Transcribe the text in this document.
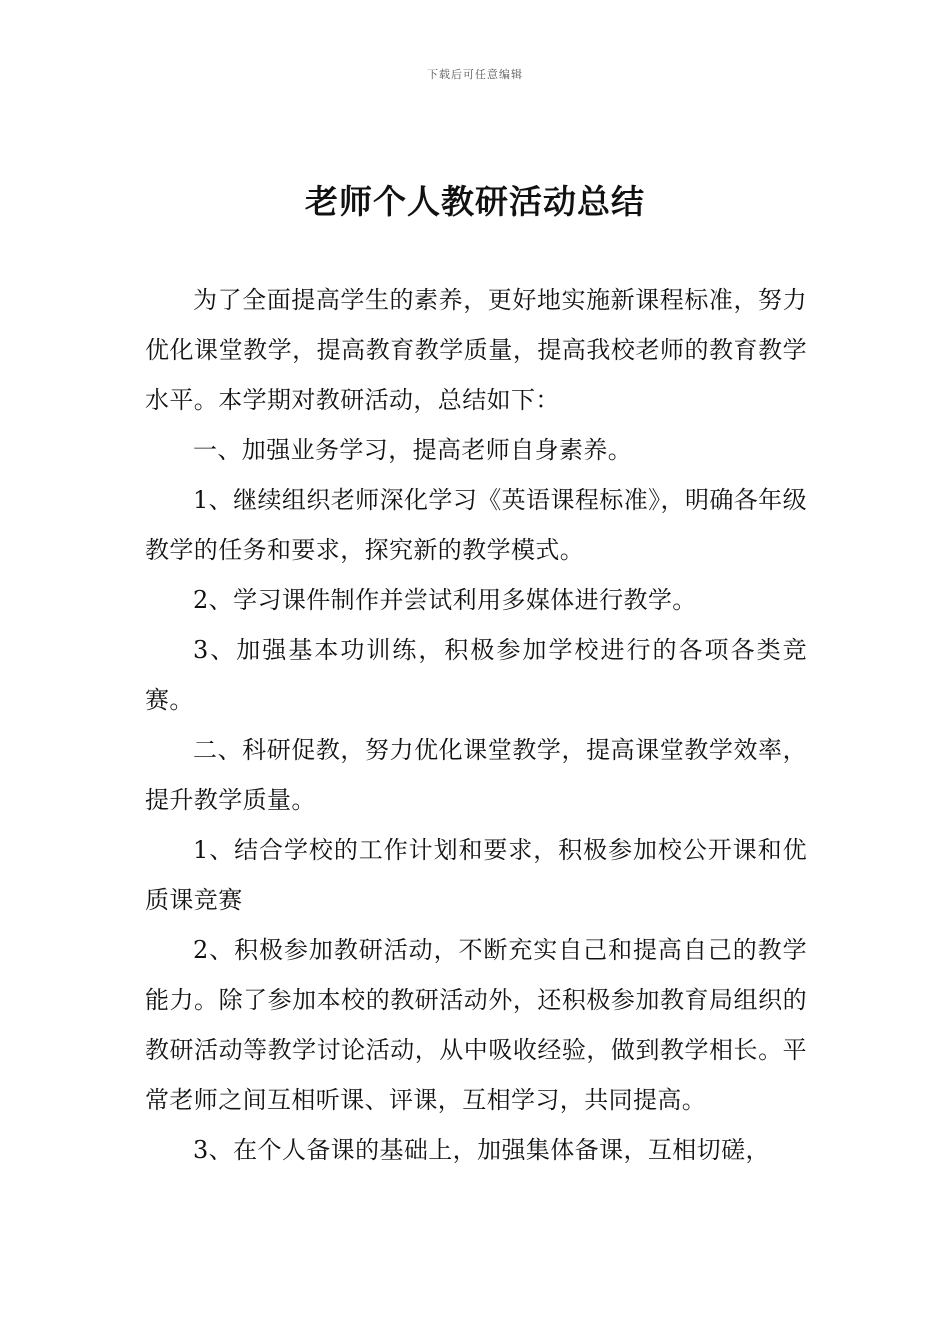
下载后可任意编辑
老师个人教研活动总结

为了全面提高学生的素养，更好地实施新课程标准，努力优化课堂教学，提高教育教学质量，提高我校老师的教育教学水平。本学期对教研活动，总结如下：

一、加强业务学习，提高老师自身素养。

1、继续组织老师深化学习《英语课程标准》，明确各年级教学的任务和要求，探究新的教学模式。

2、学习课件制作并尝试利用多媒体进行教学。

3、加强基本功训练，积极参加学校进行的各项各类竞赛。

二、科研促教，努力优化课堂教学，提高课堂教学效率，提升教学质量。

1、结合学校的工作计划和要求，积极参加校公开课和优质课竞赛

2、积极参加教研活动，不断充实自己和提高自己的教学能力。除了参加本校的教研活动外，还积极参加教育局组织的教研活动等教学讨论活动，从中吸收经验，做到教学相长。平常老师之间互相听课、评课，互相学习，共同提高。

3、在个人备课的基础上，加强集体备课，互相切磋，
